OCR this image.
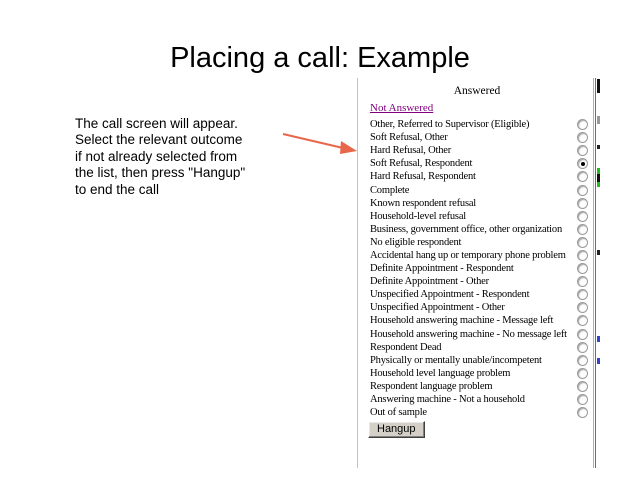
Placing a call: Example
The call screen will appear.
Select the relevant outcome
if not already selected from
the list, then press "Hangup"
to end the call
Answered
Not Answered
Other, Referred to Supervisor (Eligible)
Soft Refusal, Other
Hard Refusal, Other
Soft Refusal, Respondent
Hard Refusal, Respondent
Complete
Known respondent refusal
Household-level refusal
Business, government office, other organization
No eligible respondent
Accidental hang up or temporary phone problem
Definite Appointment - Respondent
Definite Appointment - Other
Unspecified Appointment - Respondent
Unspecified Appointment - Other
Household answering machine - Message left
Household answering machine - No message left
Respondent Dead
Physically or mentally unable/incompetent
Household level language problem
Respondent language problem
Answering machine - Not a household
Out of sample
Hangup
